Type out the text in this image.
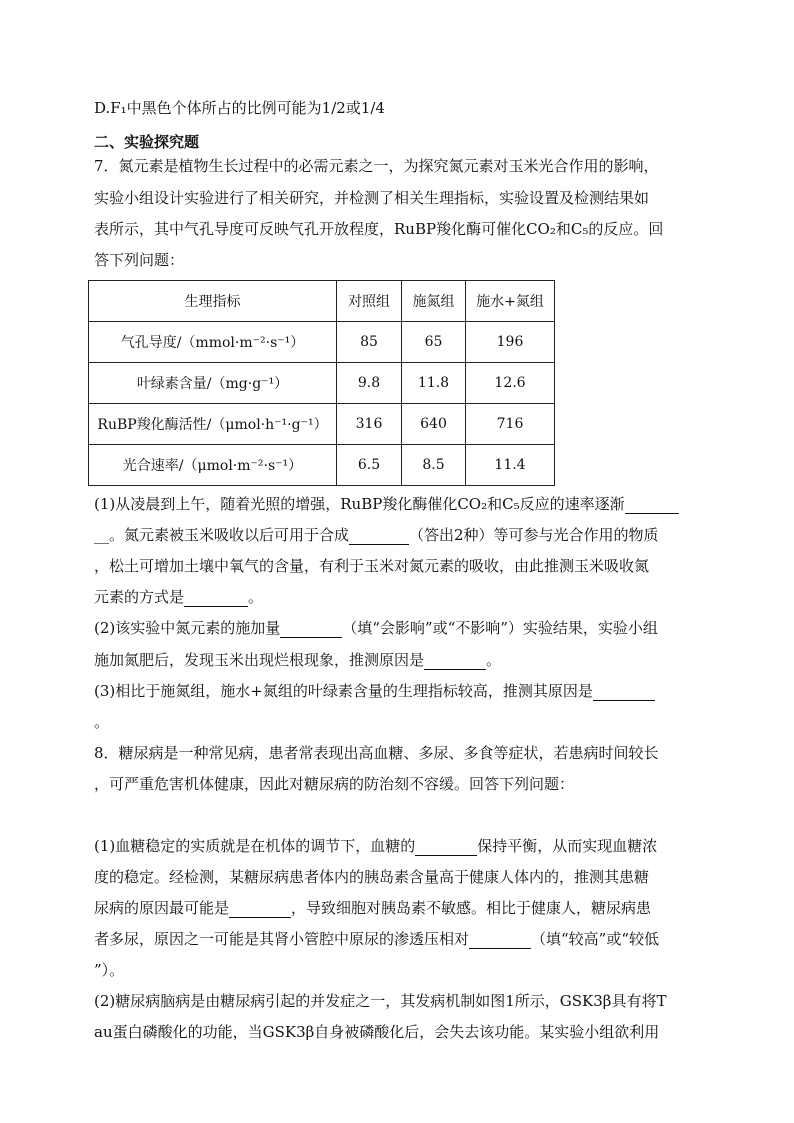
D.F₁中黑色个体所占的比例可能为1/2或1/4
二、实验探究题
7．氮元素是植物生长过程中的必需元素之一，为探究氮元素对玉米光合作用的影响，
实验小组设计实验进行了相关研究，并检测了相关生理指标，实验设置及检测结果如
表所示，其中气孔导度可反映气孔开放程度，RuBP羧化酶可催化CO₂和C₅的反应。回
答下列问题：
生理指标	对照组	施氮组	施水+氮组
气孔导度/（mmol·m⁻²·s⁻¹）	85	65	196
叶绿素含量/（mg·g⁻¹）	9.8	11.8	12.6
RuBP羧化酶活性/（μmol·h⁻¹·g⁻¹）	316	640	716
光合速率/（μmol·m⁻²·s⁻¹）	6.5	8.5	11.4
(1)从凌晨到上午，随着光照的增强，RuBP羧化酶催化CO₂和C₅反应的速率逐渐
__。氮元素被玉米吸收以后可用于合成	（答出2种）等可参与光合作用的物质
，松土可增加土壤中氧气的含量，有利于玉米对氮元素的吸收，由此推测玉米吸收氮
元素的方式是	。
(2)该实验中氮元素的施加量	（填“会影响”或“不影响”）实验结果，实验小组
施加氮肥后，发现玉米出现烂根现象，推测原因是	。
(3)相比于施氮组，施水+氮组的叶绿素含量的生理指标较高，推测其原因是
。
8．糖尿病是一种常见病，患者常表现出高血糖、多尿、多食等症状，若患病时间较长
，可严重危害机体健康，因此对糖尿病的防治刻不容缓。回答下列问题：
(1)血糖稳定的实质就是在机体的调节下，血糖的	保持平衡，从而实现血糖浓
度的稳定。经检测，某糖尿病患者体内的胰岛素含量高于健康人体内的，推测其患糖
尿病的原因最可能是	，导致细胞对胰岛素不敏感。相比于健康人，糖尿病患
者多尿，原因之一可能是其肾小管腔中原尿的渗透压相对	（填“较高”或“较低
”）。
(2)糖尿病脑病是由糖尿病引起的并发症之一，其发病机制如图1所示，GSK3β具有将T
au蛋白磷酸化的功能，当GSK3β自身被磷酸化后，会失去该功能。某实验小组欲利用
